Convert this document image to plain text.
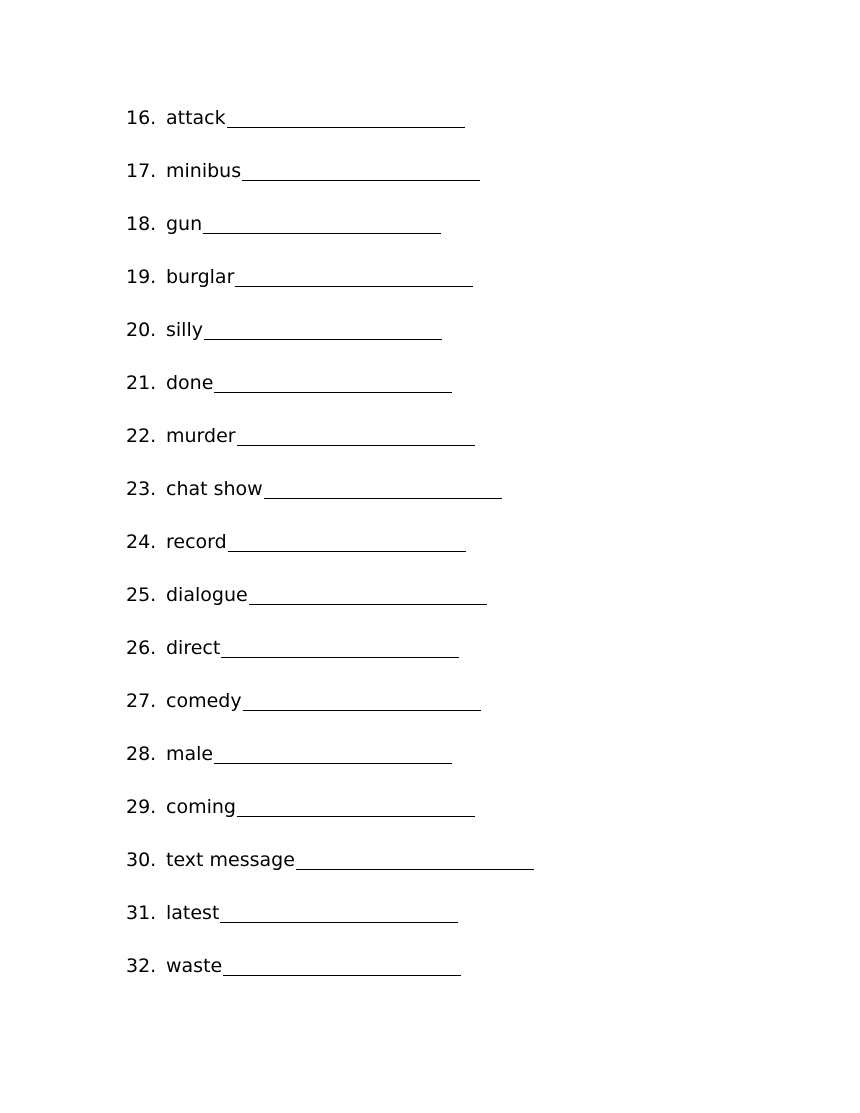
16. attack
17. minibus
18. gun
19. burglar
20. silly
21. done
22. murder
23. chat show
24. record
25. dialogue
26. direct
27. comedy
28. male
29. coming
30. text message
31. latest
32. waste
